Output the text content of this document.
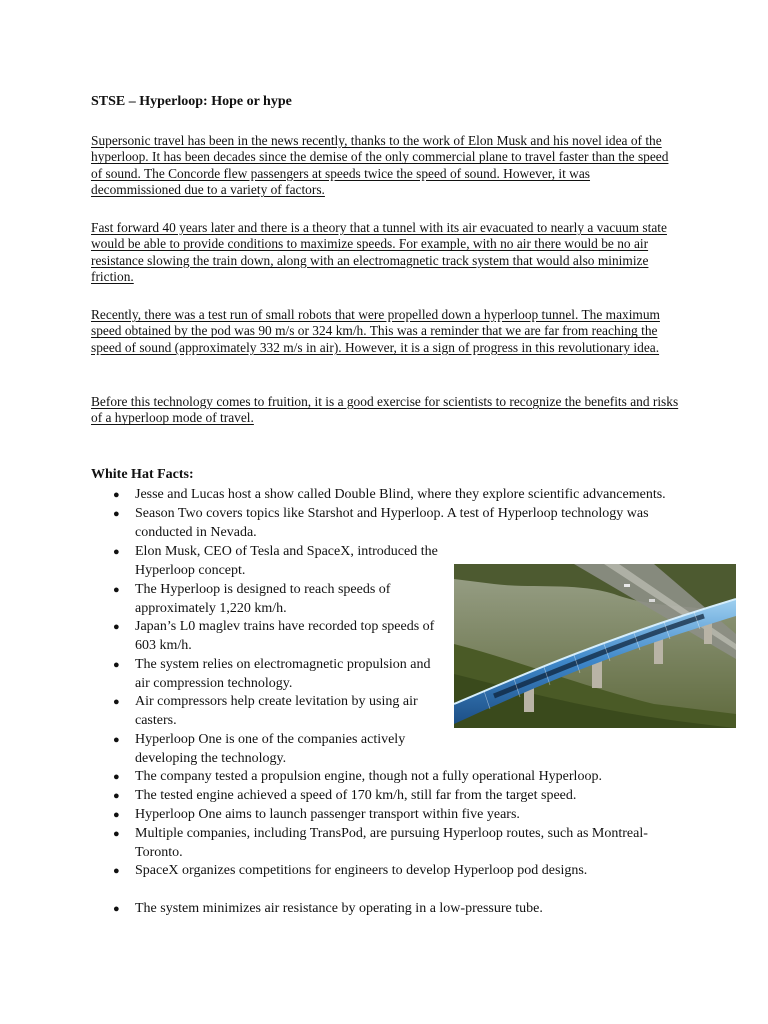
STSE – Hyperloop: Hope or hype
Supersonic travel has been in the news recently, thanks to the work of Elon Musk and his novel idea of the hyperloop. It has been decades since the demise of the only commercial plane to travel faster than the speed of sound. The Concorde flew passengers at speeds twice the speed of sound. However, it was decommissioned due to a variety of factors.
Fast forward 40 years later and there is a theory that a tunnel with its air evacuated to nearly a vacuum state would be able to provide conditions to maximize speeds. For example, with no air there would be no air resistance slowing the train down, along with an electromagnetic track system that would also minimize friction.
Recently, there was a test run of small robots that were propelled down a hyperloop tunnel. The maximum speed obtained by the pod was 90 m/s or 324 km/h. This was a reminder that we are far from reaching the speed of sound (approximately 332 m/s in air). However, it is a sign of progress in this revolutionary idea.
Before this technology comes to fruition, it is a good exercise for scientists to recognize the benefits and risks of a hyperloop mode of travel.
White Hat Facts:
●	Jesse and Lucas host a show called Double Blind, where they explore scientific advancements.
●	Season Two covers topics like Starshot and Hyperloop. A test of Hyperloop technology was conducted in Nevada.
●	Elon Musk, CEO of Tesla and SpaceX, introduced the Hyperloop concept.
●	The Hyperloop is designed to reach speeds of approximately 1,220 km/h.
●	Japan’s L0 maglev trains have recorded top speeds of 603 km/h.
●	The system relies on electromagnetic propulsion and air compression technology.
●	Air compressors help create levitation by using air casters.
●	Hyperloop One is one of the companies actively developing the technology.
●	The company tested a propulsion engine, though not a fully operational Hyperloop.
●	The tested engine achieved a speed of 170 km/h, still far from the target speed.
●	Hyperloop One aims to launch passenger transport within five years.
●	Multiple companies, including TransPod, are pursuing Hyperloop routes, such as Montreal-Toronto.
●	SpaceX organizes competitions for engineers to develop Hyperloop pod designs.
●	The system minimizes air resistance by operating in a low-pressure tube.
